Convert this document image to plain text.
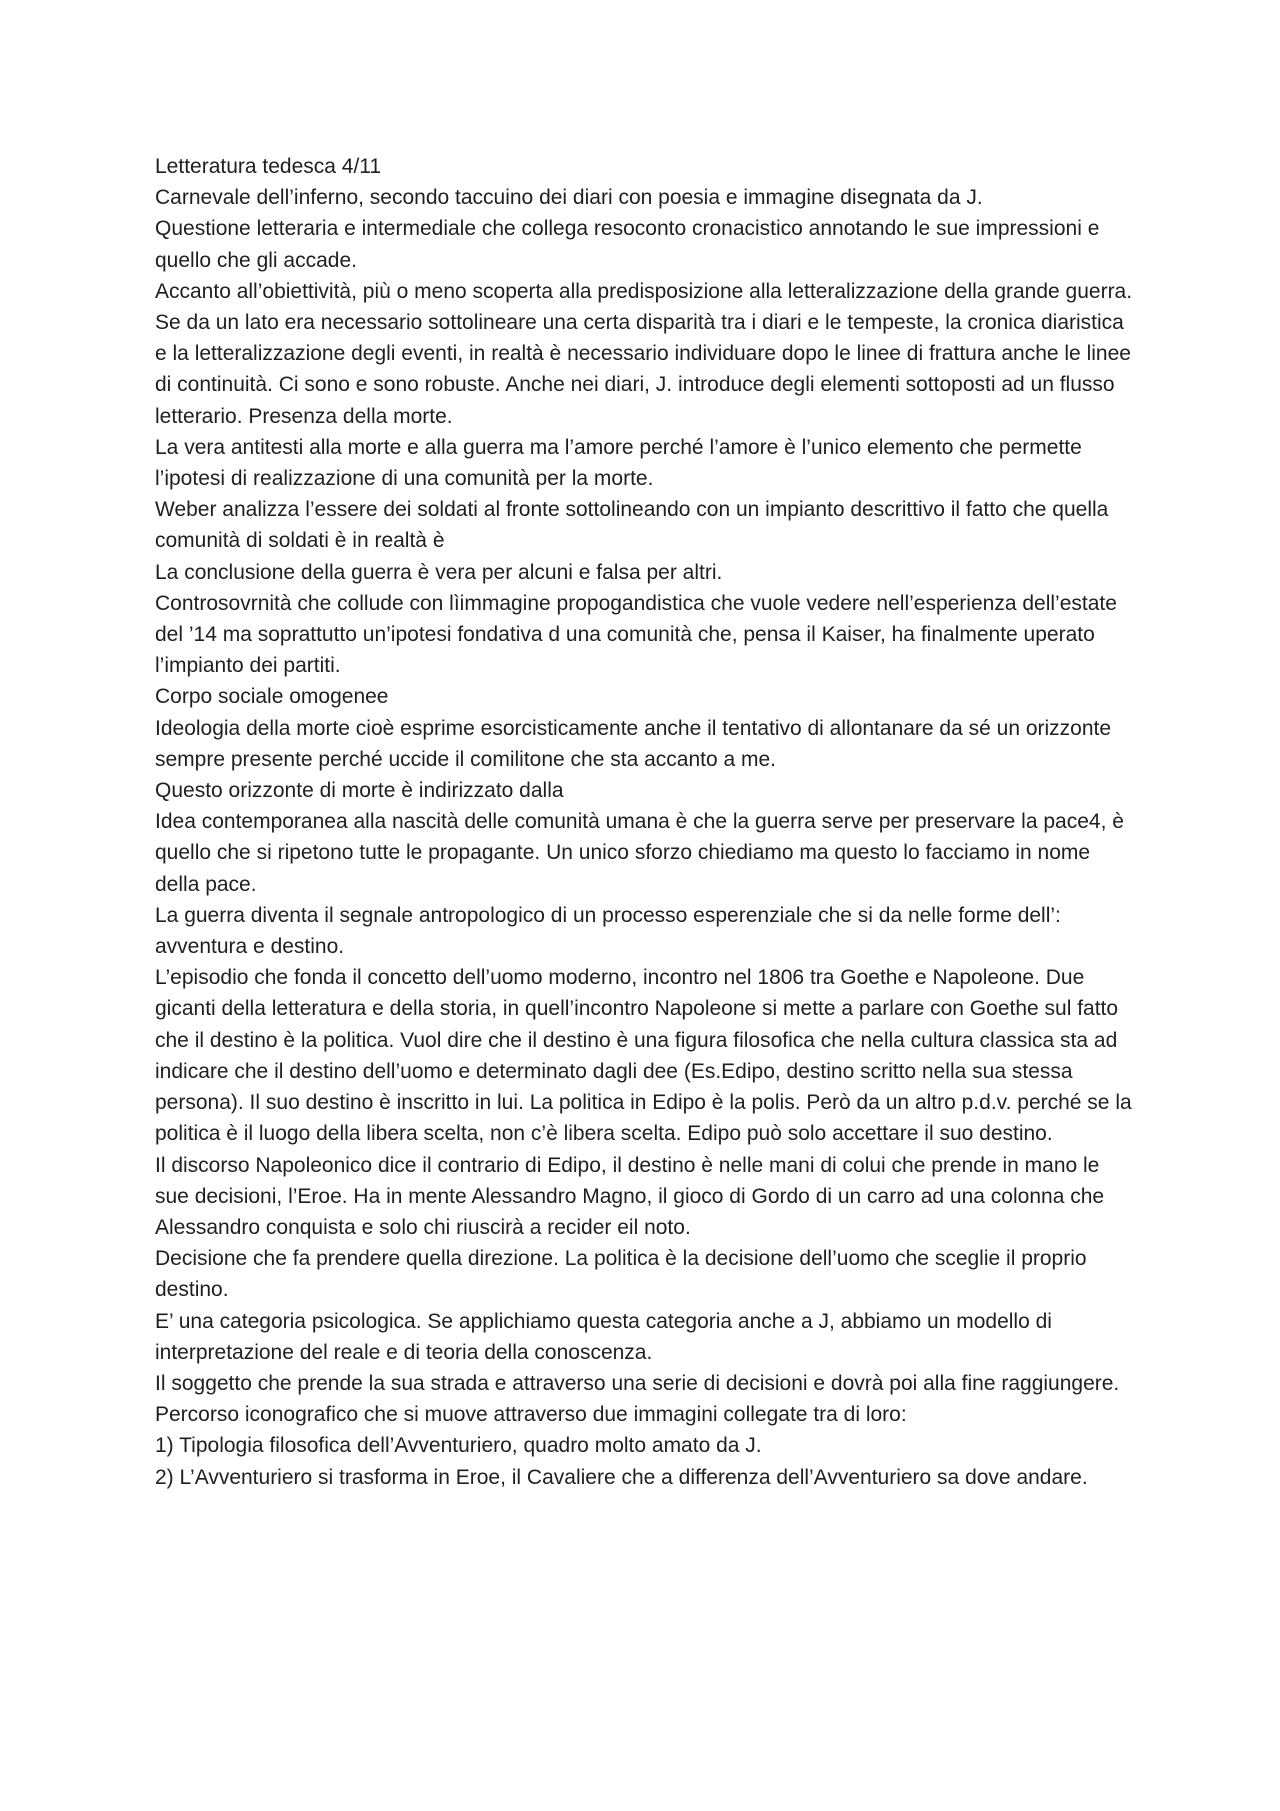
Letteratura tedesca 4/11

Carnevale dell’inferno, secondo taccuino dei diari con poesia e immagine disegnata da J.

Questione letteraria e intermediale che collega resoconto cronacistico annotando le sue impressioni e quello che gli accade.

Accanto all’obiettività, più o meno scoperta alla predisposizione alla letteralizzazione della grande guerra.

Se da un lato era necessario sottolineare una certa disparità tra i diari e le tempeste, la cronica diaristica e la letteralizzazione degli eventi, in realtà è necessario individuare dopo le linee di frattura anche le linee di continuità. Ci sono e sono robuste. Anche nei diari, J. introduce degli elementi sottoposti ad un flusso letterario. Presenza della morte.

La vera antitesti alla morte e alla guerra ma l’amore perché l’amore è l’unico elemento che permette l’ipotesi di realizzazione di una comunità per la morte.

Weber analizza l’essere dei soldati al fronte sottolineando con un impianto descrittivo il fatto che quella comunità di soldati è in realtà è

La conclusione della guerra è vera per alcuni e falsa per altri.

Controsovrnità che collude con lìimmagine propogandistica che vuole vedere nell’esperienza dell’estate del ’14 ma soprattutto un’ipotesi fondativa d una comunità che, pensa il Kaiser, ha finalmente uperato l’impianto dei partiti.

Corpo sociale omogenee

Ideologia della morte cioè esprime esorcisticamente anche il tentativo di allontanare da sé un orizzonte sempre presente perché uccide il comilitone che sta accanto a me.

Questo orizzonte di morte è indirizzato dalla

Idea contemporanea alla nascità delle comunità umana è che la guerra serve per preservare la pace4, è quello che si ripetono tutte le propagante. Un unico sforzo chiediamo ma questo lo facciamo in nome della pace.

La guerra diventa il segnale antropologico di un processo esperenziale che si da nelle forme dell’: avventura e destino.

L’episodio che fonda il concetto dell’uomo moderno, incontro nel 1806 tra Goethe e Napoleone. Due gicanti della letteratura e della storia, in quell’incontro Napoleone si mette a parlare con Goethe sul fatto che il destino è la politica. Vuol dire che il destino è una figura filosofica che nella cultura classica sta ad indicare che il destino dell’uomo e determinato dagli dee (Es.Edipo, destino scritto nella sua stessa persona). Il suo destino è inscritto in lui. La politica in Edipo è la polis. Però da un altro p.d.v. perché se la politica è il luogo della libera scelta, non c’è libera scelta. Edipo può solo accettare il suo destino.

Il discorso Napoleonico dice il contrario di Edipo, il destino è nelle mani di colui che prende in mano le sue decisioni, l’Eroe. Ha in mente Alessandro Magno, il gioco di Gordo di un carro ad una colonna che Alessandro conquista e solo chi riuscirà a recider eil noto.

Decisione che fa prendere quella direzione. La politica è la decisione dell’uomo che sceglie il proprio destino.

E’ una categoria psicologica. Se applichiamo questa categoria anche a J, abbiamo un modello di interpretazione del reale e di teoria della conoscenza.

Il soggetto che prende la sua strada e attraverso una serie di decisioni e dovrà poi alla fine raggiungere.

Percorso iconografico che si muove attraverso due immagini collegate tra di loro:

1) Tipologia filosofica dell’Avventuriero, quadro molto amato da J.

2) L’Avventuriero si trasforma in Eroe, il Cavaliere che a differenza dell’Avventuriero sa dove andare.
